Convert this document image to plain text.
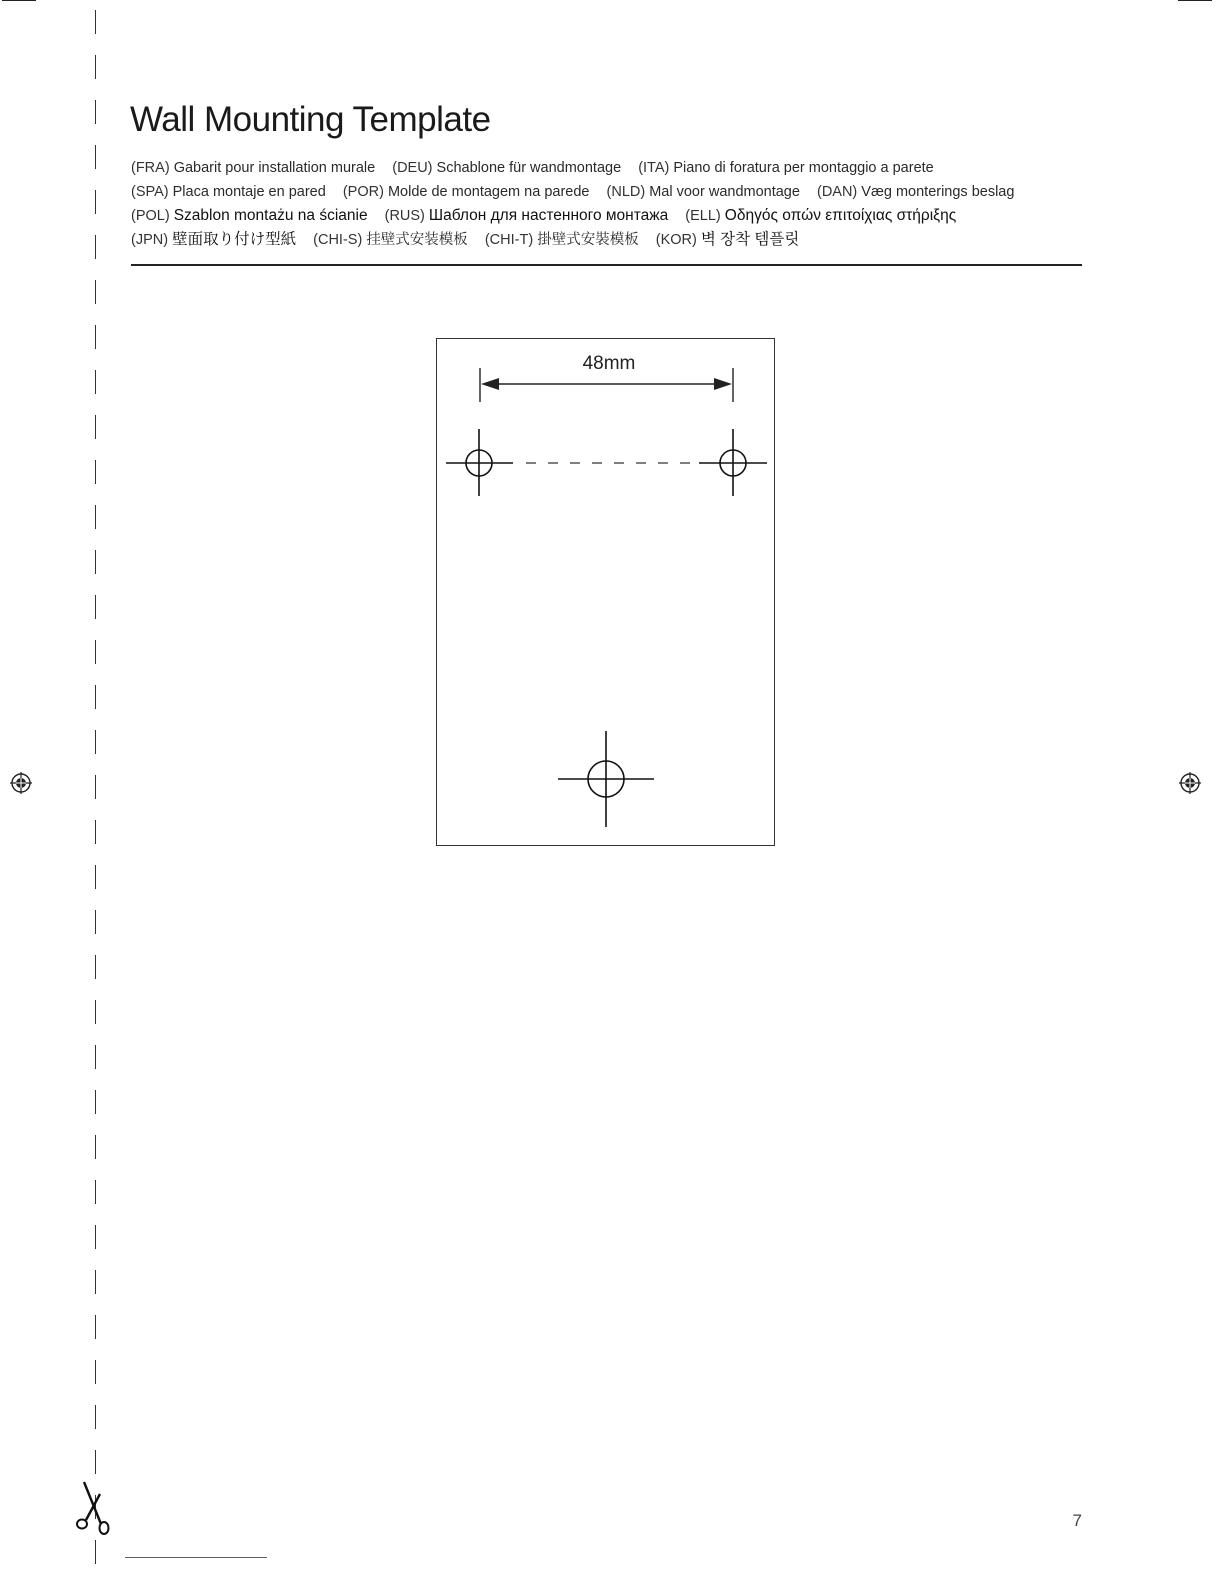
Wall Mounting Template
(FRA) Gabarit pour installation murale (DEU) Schablone für wandmontage (ITA) Piano di foratura per montaggio a parete
(SPA) Placa montaje en pared (POR) Molde de montagem na parede (NLD) Mal voor wandmontage (DAN) Væg monterings beslag
(POL) Szablon montażu na ścianie (RUS) Шаблон для настенного монтажа (ELL) Οδηγός οπών επιτοίχιας στήριξης
(JPN) 壁面取り付け型紙 (CHI-S) 挂壁式安装模板 (CHI-T) 掛壁式安裝模板 (KOR) 벽 장착 템플릿
48mm
7
